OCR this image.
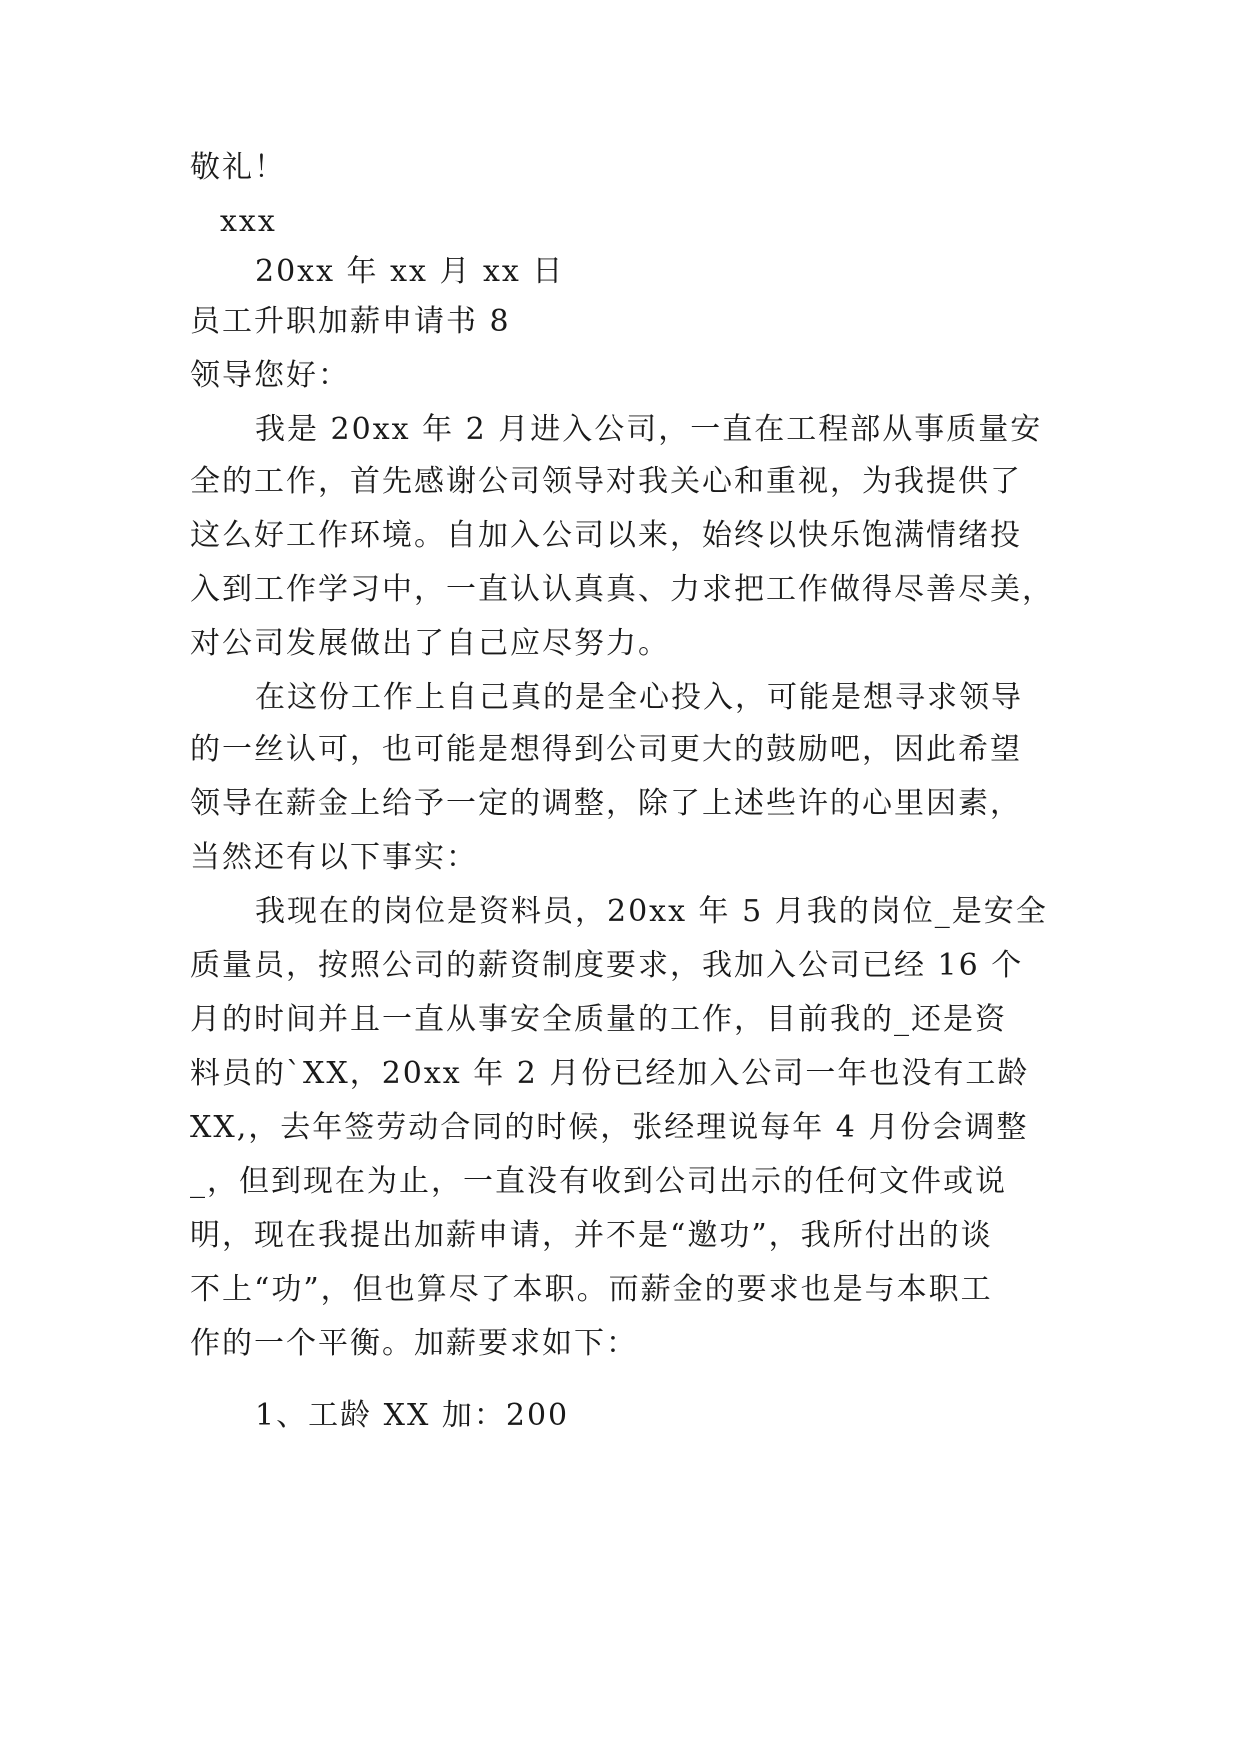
敬礼！
xxx
20xx 年 xx 月 xx 日
员工升职加薪申请书 8
领导您好：
我是 20xx 年 2 月进入公司，一直在工程部从事质量安
全的工作，首先感谢公司领导对我关心和重视，为我提供了
这么好工作环境。自加入公司以来，始终以快乐饱满情绪投
入到工作学习中，一直认认真真、力求把工作做得尽善尽美，
对公司发展做出了自己应尽努力。
在这份工作上自己真的是全心投入，可能是想寻求领导
的一丝认可，也可能是想得到公司更大的鼓励吧，因此希望
领导在薪金上给予一定的调整，除了上述些许的心里因素，
当然还有以下事实：
我现在的岗位是资料员，20xx 年 5 月我的岗位_是安全
质量员，按照公司的薪资制度要求，我加入公司已经 16 个
月的时间并且一直从事安全质量的工作，目前我的_还是资
料员的`XX，20xx 年 2 月份已经加入公司一年也没有工龄
XX,，去年签劳动合同的时候，张经理说每年 4 月份会调整
_，但到现在为止，一直没有收到公司出示的任何文件或说
明，现在我提出加薪申请，并不是“邀功”，我所付出的谈
不上“功”，但也算尽了本职。而薪金的要求也是与本职工
作的一个平衡。加薪要求如下：
1、工龄 XX 加：200
